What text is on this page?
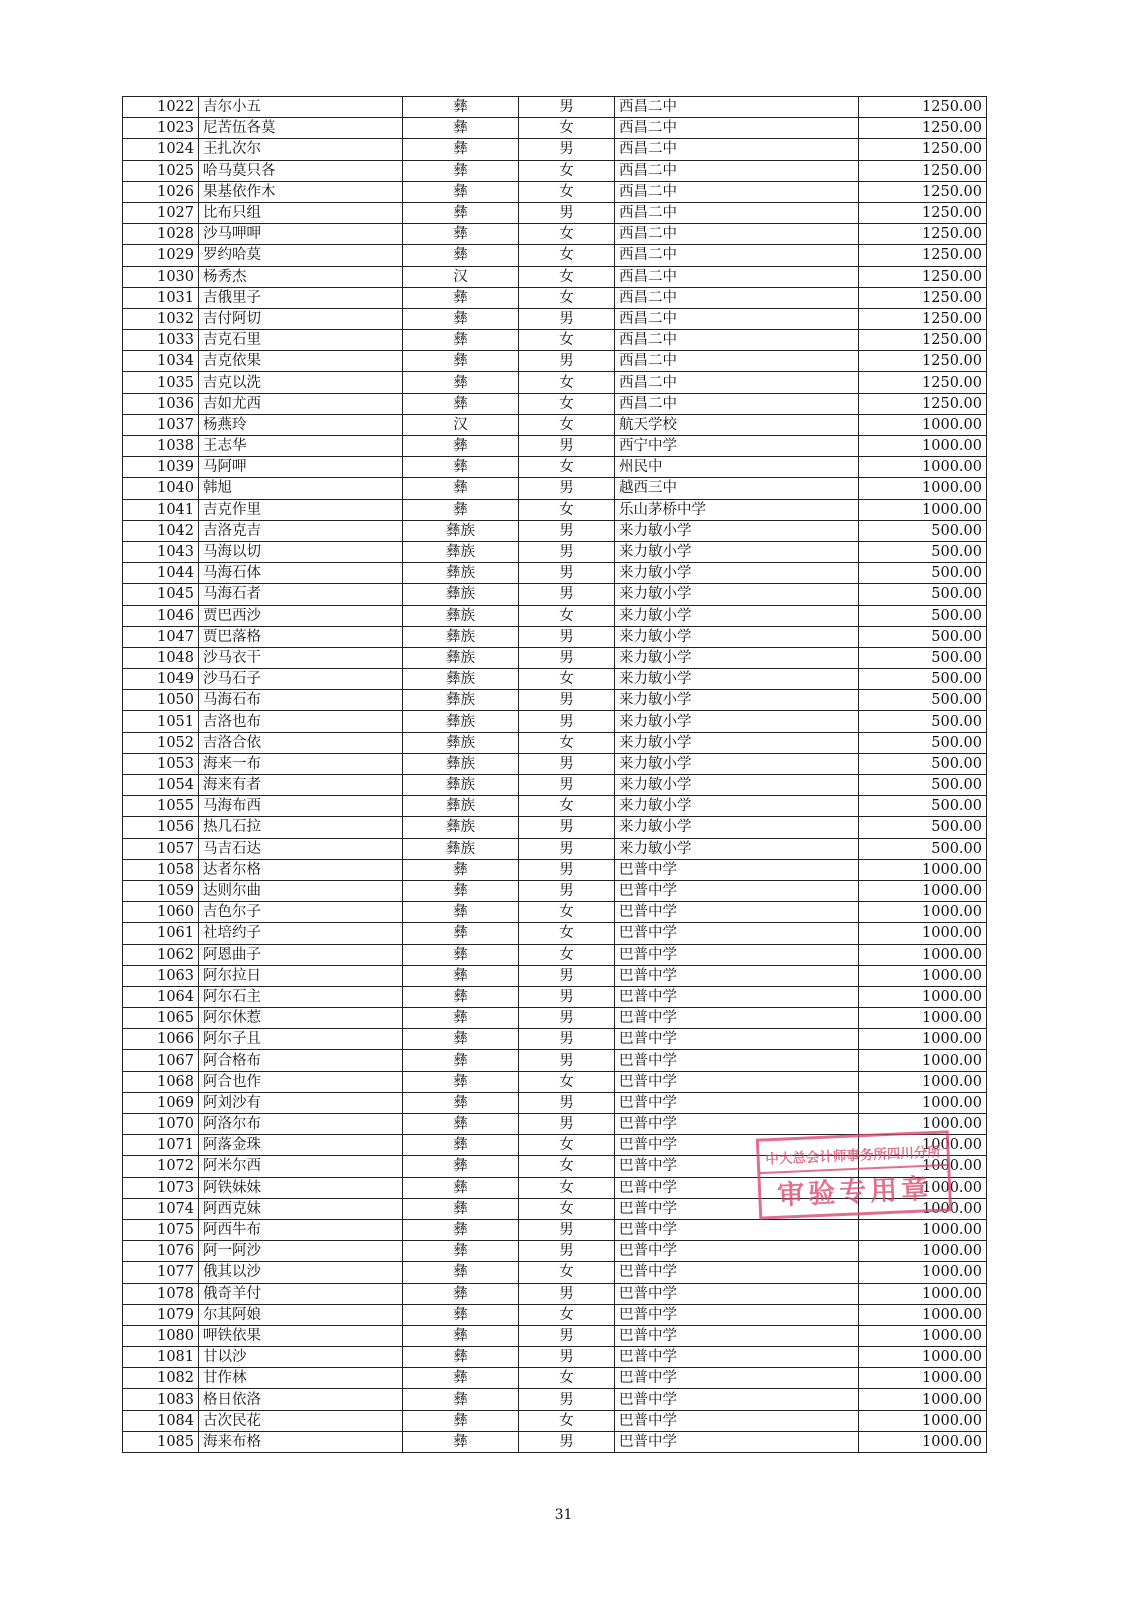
1022	吉尔小五	彝	男	西昌二中	1250.00
1023	尼苦伍各莫	彝	女	西昌二中	1250.00
1024	王扎次尔	彝	男	西昌二中	1250.00
1025	哈马莫只各	彝	女	西昌二中	1250.00
1026	果基依作木	彝	女	西昌二中	1250.00
1027	比布只组	彝	男	西昌二中	1250.00
1028	沙马呷呷	彝	女	西昌二中	1250.00
1029	罗约哈莫	彝	女	西昌二中	1250.00
1030	杨秀杰	汉	女	西昌二中	1250.00
1031	吉俄里子	彝	女	西昌二中	1250.00
1032	吉付阿切	彝	男	西昌二中	1250.00
1033	吉克石里	彝	女	西昌二中	1250.00
1034	吉克依果	彝	男	西昌二中	1250.00
1035	吉克以洗	彝	女	西昌二中	1250.00
1036	吉如尤西	彝	女	西昌二中	1250.00
1037	杨燕玲	汉	女	航天学校	1000.00
1038	王志华	彝	男	西宁中学	1000.00
1039	马阿呷	彝	女	州民中	1000.00
1040	韩旭	彝	男	越西三中	1000.00
1041	吉克作里	彝	女	乐山茅桥中学	1000.00
1042	吉洛克吉	彝族	男	来力敏小学	500.00
1043	马海以切	彝族	男	来力敏小学	500.00
1044	马海石体	彝族	男	来力敏小学	500.00
1045	马海石者	彝族	男	来力敏小学	500.00
1046	贾巴西沙	彝族	女	来力敏小学	500.00
1047	贾巴落格	彝族	男	来力敏小学	500.00
1048	沙马衣干	彝族	男	来力敏小学	500.00
1049	沙马石子	彝族	女	来力敏小学	500.00
1050	马海石布	彝族	男	来力敏小学	500.00
1051	吉洛也布	彝族	男	来力敏小学	500.00
1052	吉洛合依	彝族	女	来力敏小学	500.00
1053	海来一布	彝族	男	来力敏小学	500.00
1054	海来有者	彝族	男	来力敏小学	500.00
1055	马海布西	彝族	女	来力敏小学	500.00
1056	热几石拉	彝族	男	来力敏小学	500.00
1057	马吉石达	彝族	男	来力敏小学	500.00
1058	达者尔格	彝	男	巴普中学	1000.00
1059	达则尔曲	彝	男	巴普中学	1000.00
1060	吉色尔子	彝	女	巴普中学	1000.00
1061	社培约子	彝	女	巴普中学	1000.00
1062	阿恩曲子	彝	女	巴普中学	1000.00
1063	阿尔拉日	彝	男	巴普中学	1000.00
1064	阿尔石主	彝	男	巴普中学	1000.00
1065	阿尔休惹	彝	男	巴普中学	1000.00
1066	阿尔子且	彝	男	巴普中学	1000.00
1067	阿合格布	彝	男	巴普中学	1000.00
1068	阿合也作	彝	女	巴普中学	1000.00
1069	阿刘沙有	彝	男	巴普中学	1000.00
1070	阿洛尔布	彝	男	巴普中学	1000.00
1071	阿落金珠	彝	女	巴普中学	1000.00
1072	阿米尔西	彝	女	巴普中学	1000.00
1073	阿铁妹妹	彝	女	巴普中学	1000.00
1074	阿西克妹	彝	女	巴普中学	1000.00
1075	阿西牛布	彝	男	巴普中学	1000.00
1076	阿一阿沙	彝	男	巴普中学	1000.00
1077	俄其以沙	彝	女	巴普中学	1000.00
1078	俄奇羊付	彝	男	巴普中学	1000.00
1079	尔其阿娘	彝	女	巴普中学	1000.00
1080	呷铁依果	彝	男	巴普中学	1000.00
1081	甘以沙	彝	男	巴普中学	1000.00
1082	甘作林	彝	女	巴普中学	1000.00
1083	格日依洛	彝	男	巴普中学	1000.00
1084	古次民花	彝	女	巴普中学	1000.00
1085	海来布格	彝	男	巴普中学	1000.00
中大总会计师事务所四川分所
审验专用章
31
